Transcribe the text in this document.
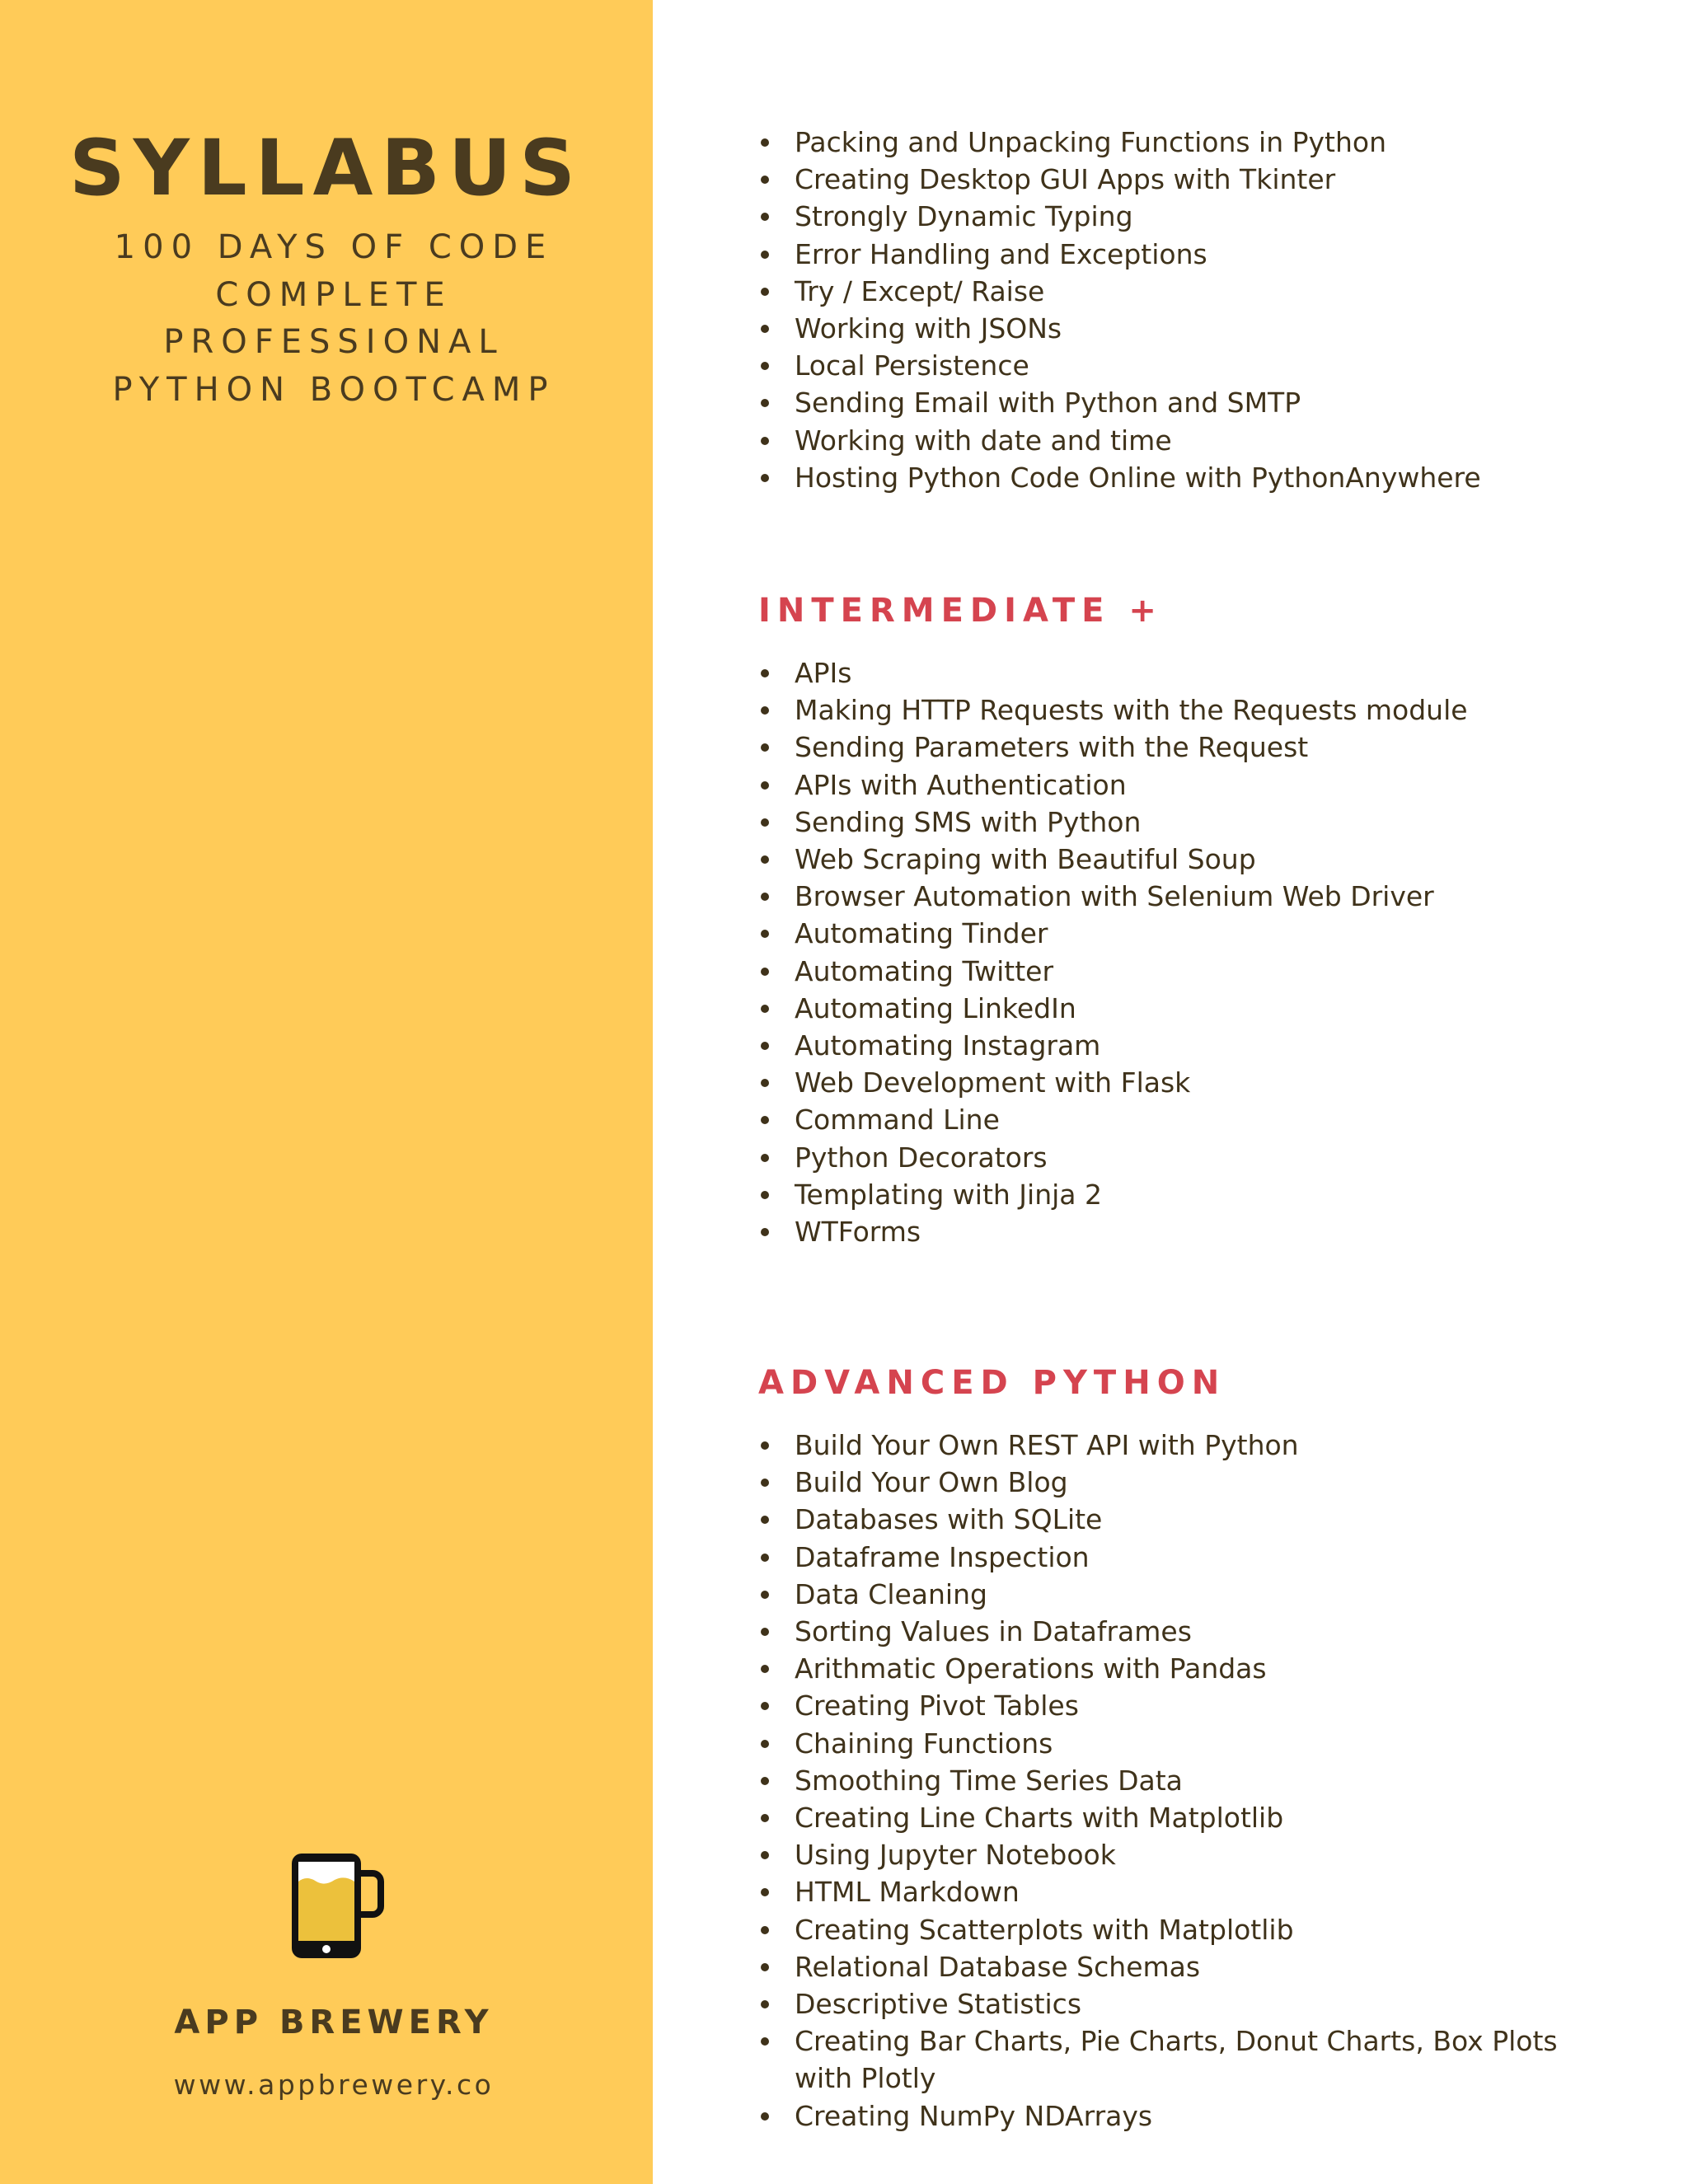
SYLLABUS
100 DAYS OF CODE
COMPLETE
PROFESSIONAL
PYTHON BOOTCAMP
APP BREWERY
www.appbrewery.co
Packing and Unpacking Functions in Python
Creating Desktop GUI Apps with Tkinter
Strongly Dynamic Typing
Error Handling and Exceptions
Try / Except/ Raise
Working with JSONs
Local Persistence
Sending Email with Python and SMTP
Working with date and time
Hosting Python Code Online with PythonAnywhere
INTERMEDIATE +
APIs
Making HTTP Requests with the Requests module
Sending Parameters with the Request
APIs with Authentication
Sending SMS with Python
Web Scraping with Beautiful Soup
Browser Automation with Selenium Web Driver
Automating Tinder
Automating Twitter
Automating LinkedIn
Automating Instagram
Web Development with Flask
Command Line
Python Decorators
Templating with Jinja 2
WTForms
ADVANCED PYTHON
Build Your Own REST API with Python
Build Your Own Blog
Databases with SQLite
Dataframe Inspection
Data Cleaning
Sorting Values in Dataframes
Arithmatic Operations with Pandas
Creating Pivot Tables
Chaining Functions
Smoothing Time Series Data
Creating Line Charts with Matplotlib
Using Jupyter Notebook
HTML Markdown
Creating Scatterplots with Matplotlib
Relational Database Schemas
Descriptive Statistics
Creating Bar Charts, Pie Charts, Donut Charts, Box Plots with Plotly
Creating NumPy NDArrays
